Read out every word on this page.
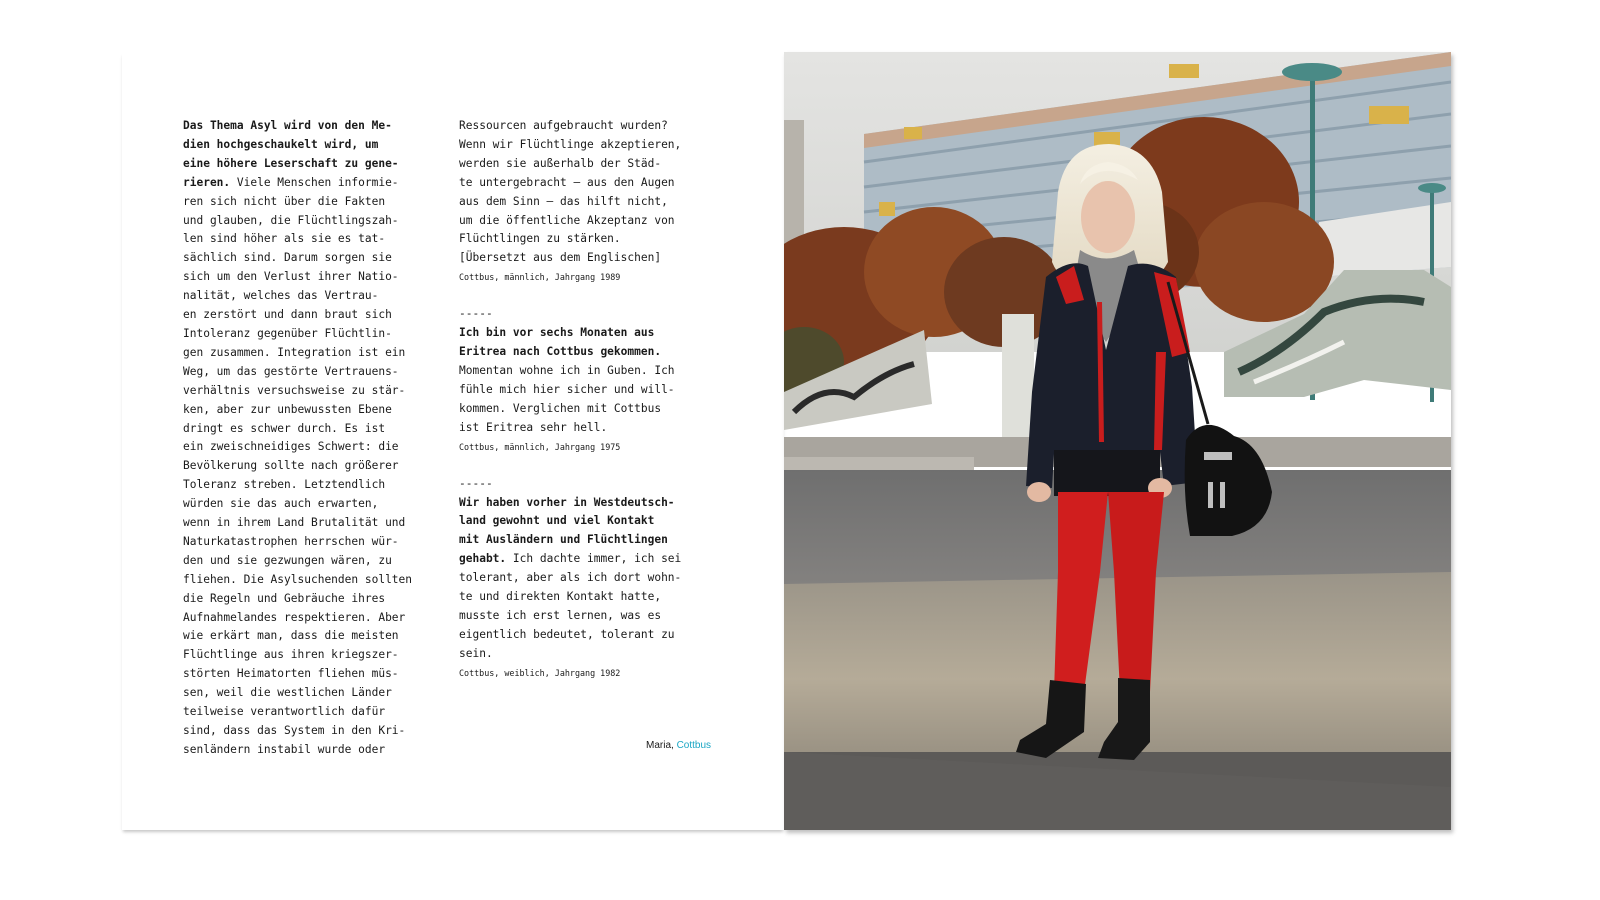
Das Thema Asyl wird von den Me-
dien hochgeschaukelt wird, um
eine höhere Leserschaft zu gene-
rieren. Viele Menschen informie-
ren sich nicht über die Fakten
und glauben, die Flüchtlingszah-
len sind höher als sie es tat-
sächlich sind. Darum sorgen sie
sich um den Verlust ihrer Natio-
nalität, welches das Vertrau-
en zerstört und dann braut sich
Intoleranz gegenüber Flüchtlin-
gen zusammen. Integration ist ein
Weg, um das gestörte Vertrauens-
verhältnis versuchsweise zu stär-
ken, aber zur unbewussten Ebene
dringt es schwer durch. Es ist
ein zweischneidiges Schwert: die
Bevölkerung sollte nach größerer
Toleranz streben. Letztendlich
würden sie das auch erwarten,
wenn in ihrem Land Brutalität und
Naturkatastrophen herrschen wür-
den und sie gezwungen wären, zu
fliehen. Die Asylsuchenden sollten
die Regeln und Gebräuche ihres
Aufnahmelandes respektieren. Aber
wie erkärt man, dass die meisten
Flüchtlinge aus ihren kriegszer-
störten Heimatorten fliehen müs-
sen, weil die westlichen Länder
teilweise verantwortlich dafür
sind, dass das System in den Kri-
senländern instabil wurde oder
Ressourcen aufgebraucht wurden?
Wenn wir Flüchtlinge akzeptieren,
werden sie außerhalb der Städ-
te untergebracht – aus den Augen
aus dem Sinn – das hilft nicht,
um die öffentliche Akzeptanz von
Flüchtlingen zu stärken.
[Übersetzt aus dem Englischen]

Cottbus, männlich, Jahrgang 1989
-----
Ich bin vor sechs Monaten aus
Eritrea nach Cottbus gekommen.
Momentan wohne ich in Guben. Ich
fühle mich hier sicher und will-
kommen. Verglichen mit Cottbus
ist Eritrea sehr hell.

Cottbus, männlich, Jahrgang 1975
-----
Wir haben vorher in Westdeutsch-
land gewohnt und viel Kontakt
mit Ausländern und Flüchtlingen
gehabt. Ich dachte immer, ich sei
tolerant, aber als ich dort wohn-
te und direkten Kontakt hatte,
musste ich erst lernen, was es
eigentlich bedeutet, tolerant zu
sein.

Cottbus, weiblich, Jahrgang 1982
Maria, Cottbus
